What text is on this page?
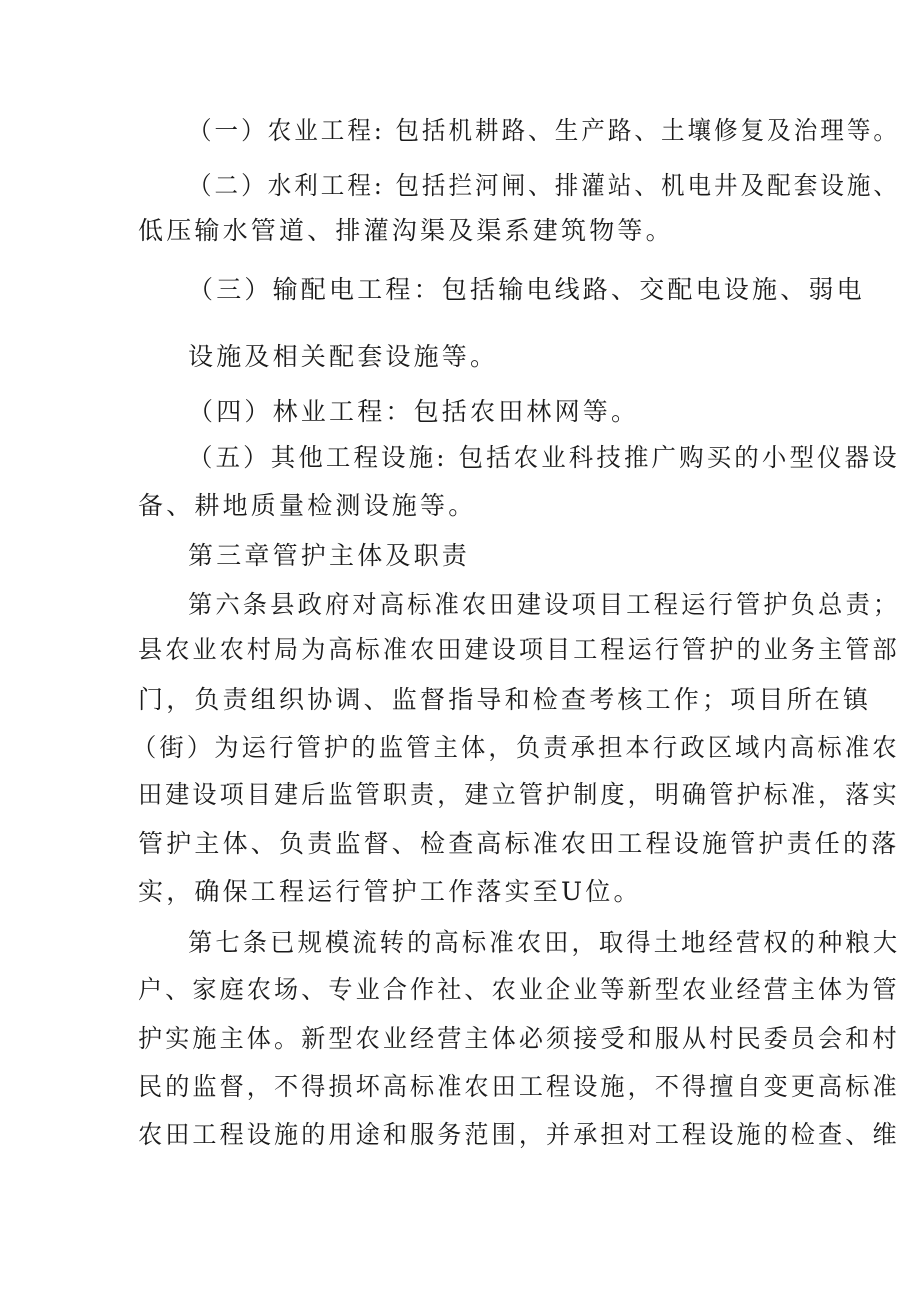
（一）农业工程: 包括机耕路、生产路、土壤修复及治理等。
（二）水利工程: 包括拦河闸、排灌站、机电井及配套设施、
低压输水管道、排灌沟渠及渠系建筑物等。
（三）输配电工程：包括输电线路、交配电设施、弱电
设施及相关配套设施等。
（四）林业工程：包括农田林网等。
（五）其他工程设施: 包括农业科技推广购买的小型仪器设
备、耕地质量检测设施等。
第三章管护主体及职责
第六条县政府对高标准农田建设项目工程运行管护负总责；
县农业农村局为高标准农田建设项目工程运行管护的业务主管部
门，负责组织协调、监督指导和检查考核工作；项目所在镇
（街）为运行管护的监管主体，负责承担本行政区域内高标准农
田建设项目建后监管职责，建立管护制度，明确管护标准，落实
管护主体、负责监督、检查高标准农田工程设施管护责任的落
实，确保工程运行管护工作落实至U位。
第七条已规模流转的高标准农田，取得土地经营权的种粮大
户、家庭农场、专业合作社、农业企业等新型农业经营主体为管
护实施主体。新型农业经营主体必须接受和服从村民委员会和村
民的监督，不得损坏高标准农田工程设施，不得擅自变更高标准
农田工程设施的用途和服务范围，并承担对工程设施的检查、维
